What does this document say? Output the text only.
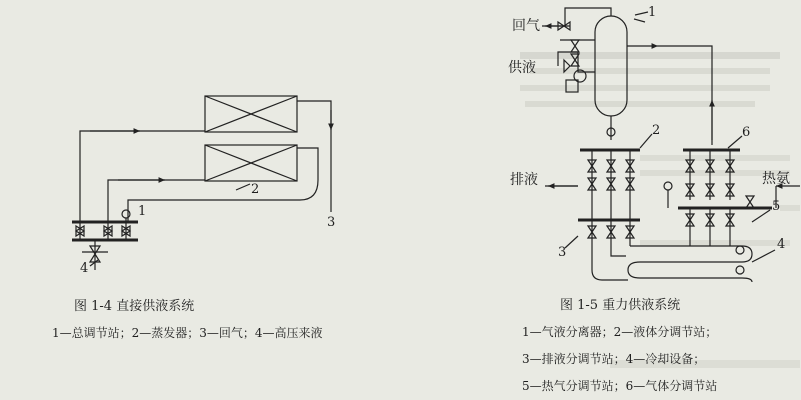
1
2
3
4
1
2
3
4
5
6
回气
供液
排液	热氨
图 1-4 直接供液系统
1—总调节站；2—蒸发器；3—回气；4—高压来液
图 1-5 重力供液系统
1—气液分离器；2—液体分调节站；
3—排液分调节站；4—冷却设备；
5—热气分调节站；6—气体分调节站
